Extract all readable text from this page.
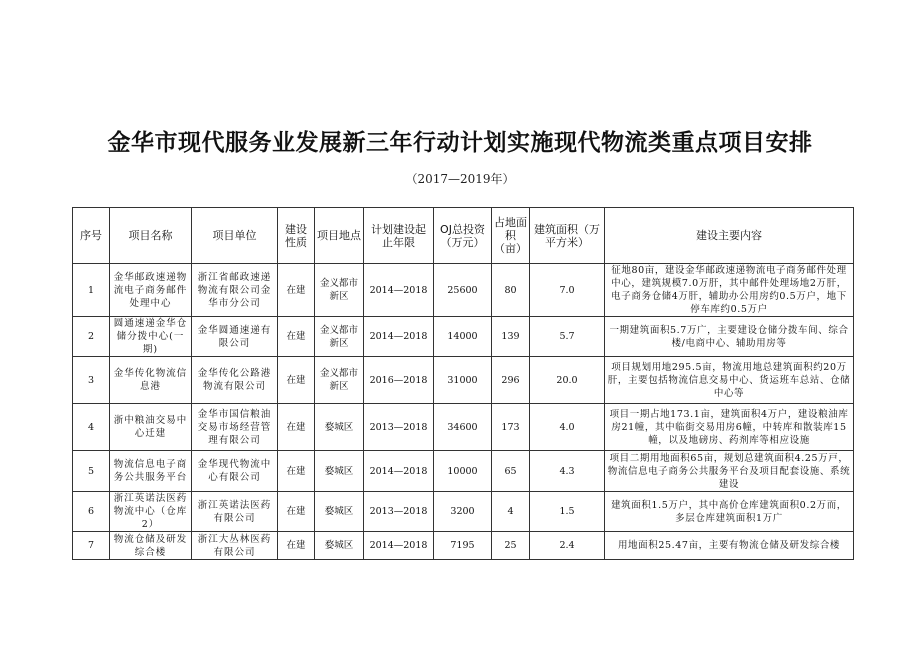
金华市现代服务业发展新三年行动计划实施现代物流类重点项目安排
（2017—2019年）
序号	项目名称	项目单位	建设性质	项目地点	计划建设起止年限	OJ总投资（万元）	占地面积（亩）	建筑面积（万平方米）	建设主要内容
1	金华邮政速递物流电子商务邮件处理中心	浙江省邮政速递物流有限公司金华市分公司	在建	金义都市新区	2014—2018	25600	80	7.0	征地80亩，建设金华邮政速递物流电子商务邮件处理中心，建筑规模7.0万肝，其中邮件处理场地2万肝，电子商务仓储4万肝，辅助办公用房约0.5万户，地下停车库约0.5万户
2	圆通速递金华仓储分拨中心(一期)	金华圆通速递有限公司	在建	金义都市新区	2014—2018	14000	139	5.7	一期建筑面积5.7万广，主要建设仓储分拨车间、综合楼/电商中心、辅助用房等
3	金华传化物流信息港	金华传化公路港物流有限公司	在建	金义都市新区	2016—2018	31000	296	20.0	项目规划用地295.5亩，物流用地总建筑面积约20万肝，主要包括物流信息交易中心、货运班车总站、仓储中心等
4	浙中粮油交易中心迁建	金华市国信粮油交易市场经营管理有限公司	在建	婺城区	2013—2018	34600	173	4.0	项目一期占地173.1亩，建筑面积4万户，建设粮油库房21幢，其中临街交易用房6幢，中转库和散装库15幢，以及地磅房、药剂库等相应设施
5	物流信息电子商务公共服务平台	金华现代物流中心有限公司	在建	婺城区	2014—2018	10000	65	4.3	项目二期用地面积65亩，规划总建筑面积4.25万戸，物流信息电子商务公共服务平台及项目配套设施、系统建设
6	浙江英诺法医药物流中心（仓库2）	浙江英诺法医药有限公司	在建	婺城区	2013—2018	3200	4	1.5	建筑面积1.5万户，其中高价仓库建筑面积0.2万而，多层仓库建筑面积1万广
7	物流仓储及研发综合楼	浙江大丛林医药有限公司	在建	婺城区	2014—2018	7195	25	2.4	用地面积25.47亩，主要有物流仓储及研发综合楼
